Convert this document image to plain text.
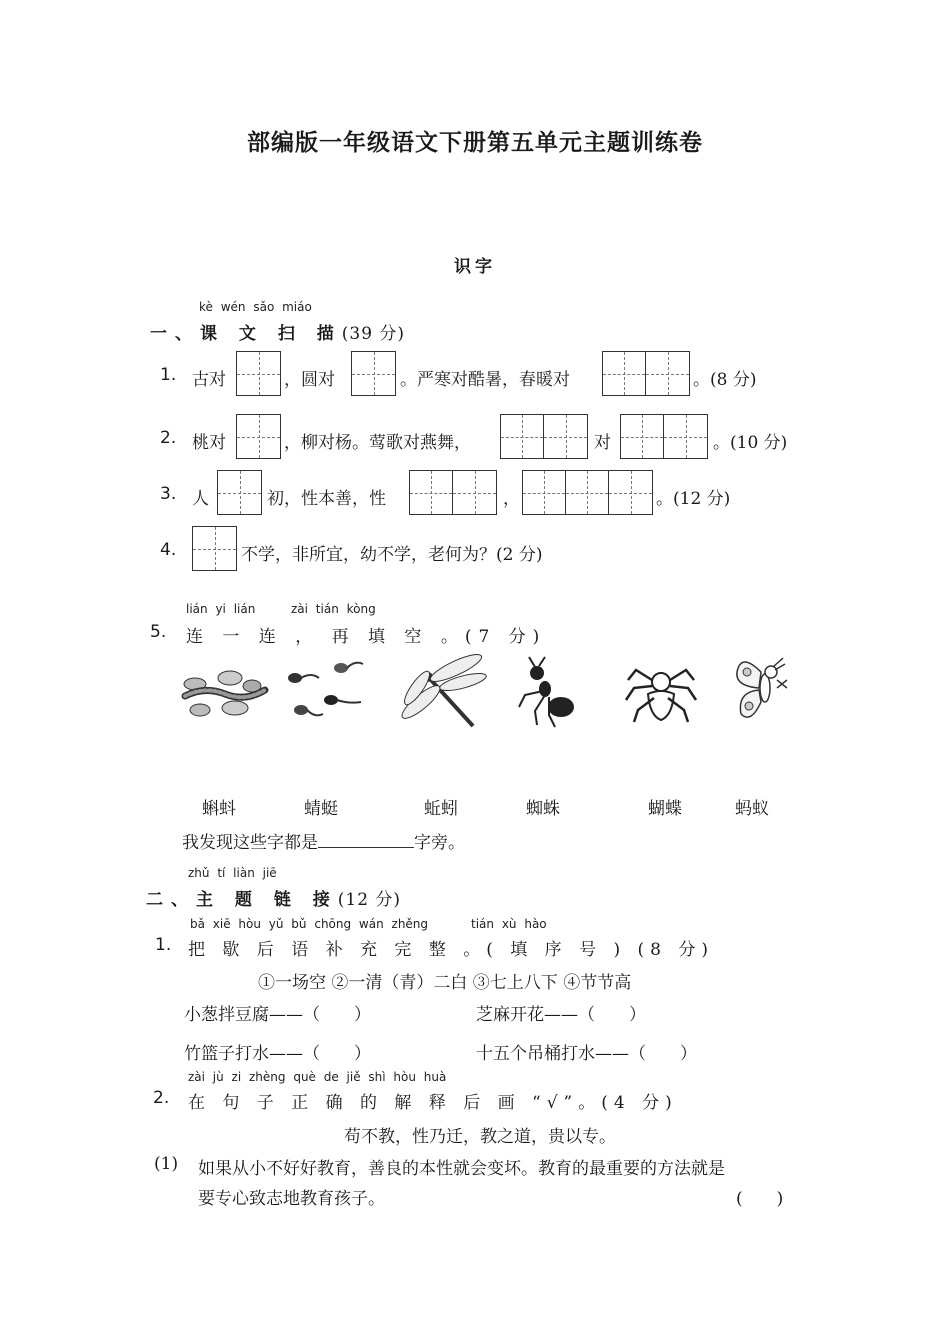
部编版一年级语文下册第五单元主题训练卷
识字
kè wén sǎo miáo
一、课 文 扫 描(39 分)
1. 古对	，圆对	。严寒对酷暑，春暖对	。(8 分)
2. 桃对	，柳对杨。莺歌对燕舞，	对	。(10 分)
3. 人	初，性本善，性	，	。(12 分)
4.	不学，非所宜，幼不学，老何为？(2 分)
lián yi lián	zài tián kòng
5. 连 一 连 ， 再 填 空 。(7 分)
蝌蚪	蜻蜓	蚯蚓	蜘蛛	蝴蝶	蚂蚁
我发现这些字都是	字旁。
zhǔ tí liàn jiē
二、主 题 链 接(12 分)
bǎ xiē hòu yǔ bǔ chōng wán zhěng	tián xù hào
1. 把 歇 后 语 补 充 完 整 。( 填 序 号 ) (8 分)
①一场空 ②一清（青）二白 ③七上八下 ④节节高
小葱拌豆腐——（　　）	芝麻开花——（　　）
竹篮子打水——（　　）	十五个吊桶打水——（　　）
zài jù zi zhèng què de jiě shì hòu huà
2. 在 句 子 正 确 的 解 释 后 画 “√”。(4 分)
苟不教，性乃迁，教之道，贵以专。
(1) 如果从小不好好教育，善良的本性就会变坏。教育的最重要的方法就是
要专心致志地教育孩子。	(　　)
